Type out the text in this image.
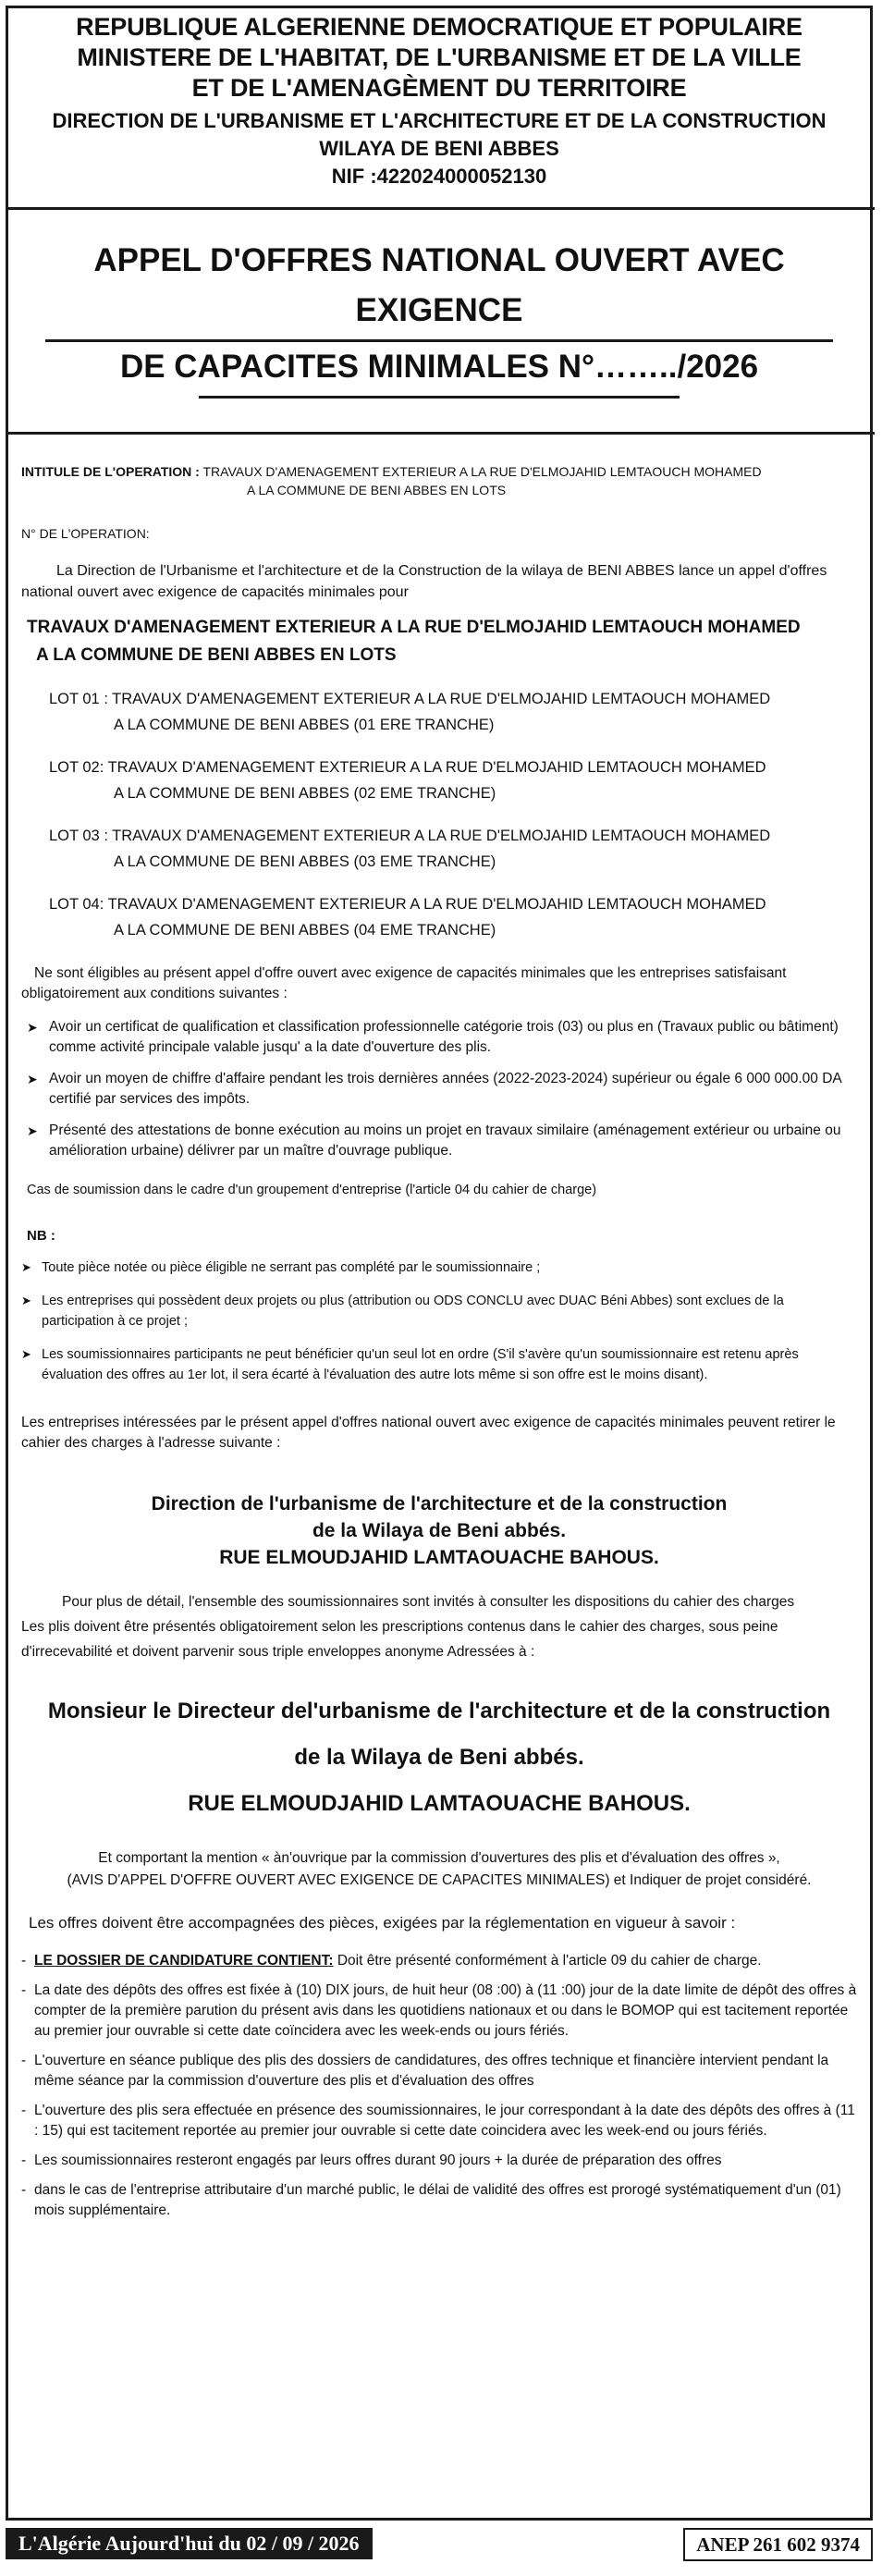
REPUBLIQUE ALGERIENNE DEMOCRATIQUE ET POPULAIRE

MINISTERE DE L'HABITAT, DE L'URBANISME ET DE LA VILLE

ET DE L'AMENAGÈMENT DU TERRITOIRE

DIRECTION DE L'URBANISME ET L'ARCHITECTURE ET DE LA CONSTRUCTION

WILAYA DE BENI ABBES

NIF :422024000052130

APPEL D'OFFRES NATIONAL OUVERT AVEC EXIGENCE

DE CAPACITES MINIMALES N°……../2026

INTITULE DE L'OPERATION : TRAVAUX D'AMENAGEMENT EXTERIEUR A LA RUE D'ELMOJAHID LEMTAOUCH MOHAMED
A LA COMMUNE DE BENI ABBES EN LOTS
N° DE L'OPERATION:
La Direction de l'Urbanisme et l'architecture et de la Construction de la wilaya de BENI ABBES lance un appel d'offres national ouvert avec exigence de capacités minimales pour
TRAVAUX D'AMENAGEMENT EXTERIEUR A LA RUE D'ELMOJAHID LEMTAOUCH MOHAMED
A LA COMMUNE DE BENI ABBES EN LOTS
LOT 01 : TRAVAUX D'AMENAGEMENT EXTERIEUR A LA RUE D'ELMOJAHID LEMTAOUCH MOHAMED
A LA COMMUNE DE BENI ABBES (01 ERE TRANCHE)
LOT 02: TRAVAUX D'AMENAGEMENT EXTERIEUR A LA RUE D'ELMOJAHID LEMTAOUCH MOHAMED
A LA COMMUNE DE BENI ABBES (02 EME TRANCHE)
LOT 03 : TRAVAUX D'AMENAGEMENT EXTERIEUR A LA RUE D'ELMOJAHID LEMTAOUCH MOHAMED
A LA COMMUNE DE BENI ABBES (03 EME TRANCHE)
LOT 04: TRAVAUX D'AMENAGEMENT EXTERIEUR A LA RUE D'ELMOJAHID LEMTAOUCH MOHAMED
A LA COMMUNE DE BENI ABBES (04 EME TRANCHE)
Ne sont éligibles au présent appel d'offre ouvert avec exigence de capacités minimales que les entreprises satisfaisant obligatoirement aux conditions suivantes :
➤ Avoir un certificat de qualification et classification professionnelle catégorie trois (03) ou plus en (Travaux public ou bâtiment) comme activité principale valable jusqu' a la date d'ouverture des plis.
➤ Avoir un moyen de chiffre d'affaire pendant les trois dernières années (2022-2023-2024) supérieur ou égale 6 000 000.00 DA certifié par services des impôts.
➤ Présenté des attestations de bonne exécution au moins un projet en travaux similaire (aménagement extérieur ou urbaine ou amélioration urbaine) délivrer par un maître d'ouvrage publique.
Cas de soumission dans le cadre d'un groupement d'entreprise (l'article 04 du cahier de charge)
NB :
➤ Toute pièce notée ou pièce éligible ne serrant pas complété par le soumissionnaire ;
➤ Les entreprises qui possèdent deux projets ou plus (attribution ou ODS CONCLU avec DUAC Béni Abbes) sont exclues de la participation à ce projet ;
➤ Les soumissionnaires participants ne peut bénéficier qu'un seul lot en ordre (S'il s'avère qu'un soumissionnaire est retenu après évaluation des offres au 1er lot, il sera écarté à l'évaluation des autre lots même si son offre est le moins disant).
Les entreprises intéressées par le présent appel d'offres national ouvert avec exigence de capacités minimales peuvent retirer le cahier des charges à l'adresse suivante :
Direction de l'urbanisme de l'architecture et de la construction
de la Wilaya de Beni abbés.
RUE ELMOUDJAHID LAMTAOUACHE BAHOUS.
Pour plus de détail, l'ensemble des soumissionnaires sont invités à consulter les dispositions du cahier des charges
Les plis doivent être présentés obligatoirement selon les prescriptions contenus dans le cahier des charges, sous peine d'irrecevabilité et doivent parvenir sous triple enveloppes anonyme Adressées à :
Monsieur le Directeur del'urbanisme de l'architecture et de la construction
de la Wilaya de Beni abbés.
RUE ELMOUDJAHID LAMTAOUACHE BAHOUS.
Et comportant la mention « àn'ouvrique par la commission d'ouvertures des plis et d'évaluation des offres »,
(AVIS D'APPEL D'OFFRE OUVERT AVEC EXIGENCE DE CAPACITES MINIMALES) et Indiquer de projet considéré.
Les offres doivent être accompagnées des pièces, exigées par la réglementation en vigueur à savoir :
- LE DOSSIER DE CANDIDATURE CONTIENT: Doit être présenté conformément à l'article 09 du cahier de charge.
- La date des dépôts des offres est fixée à (10) DIX jours, de huit heur (08 :00) à (11 :00) jour de la date limite de dépôt des offres à compter de la première parution du présent avis dans les quotidiens nationaux et ou dans le BOMOP qui est tacitement reportée au premier jour ouvrable si cette date coïncidera avec les week-ends ou jours fériés.
- L'ouverture en séance publique des plis des dossiers de candidatures, des offres technique et financière intervient pendant la même séance par la commission d'ouverture des plis et d'évaluation des offres
- L'ouverture des plis sera effectuée en présence des soumissionnaires, le jour correspondant à la date des dépôts des offres à (11 : 15) qui est tacitement reportée au premier jour ouvrable si cette date coincidera avec les week-end ou jours fériés.
- Les soumissionnaires resteront engagés par leurs offres durant 90 jours + la durée de préparation des offres
- dans le cas de l'entreprise attributaire d'un marché public, le délai de validité des offres est prorogé systématiquement d'un (01) mois supplémentaire.
L'Algérie Aujourd'hui du 02 / 09 / 2026	ANEP 261 602 9374
